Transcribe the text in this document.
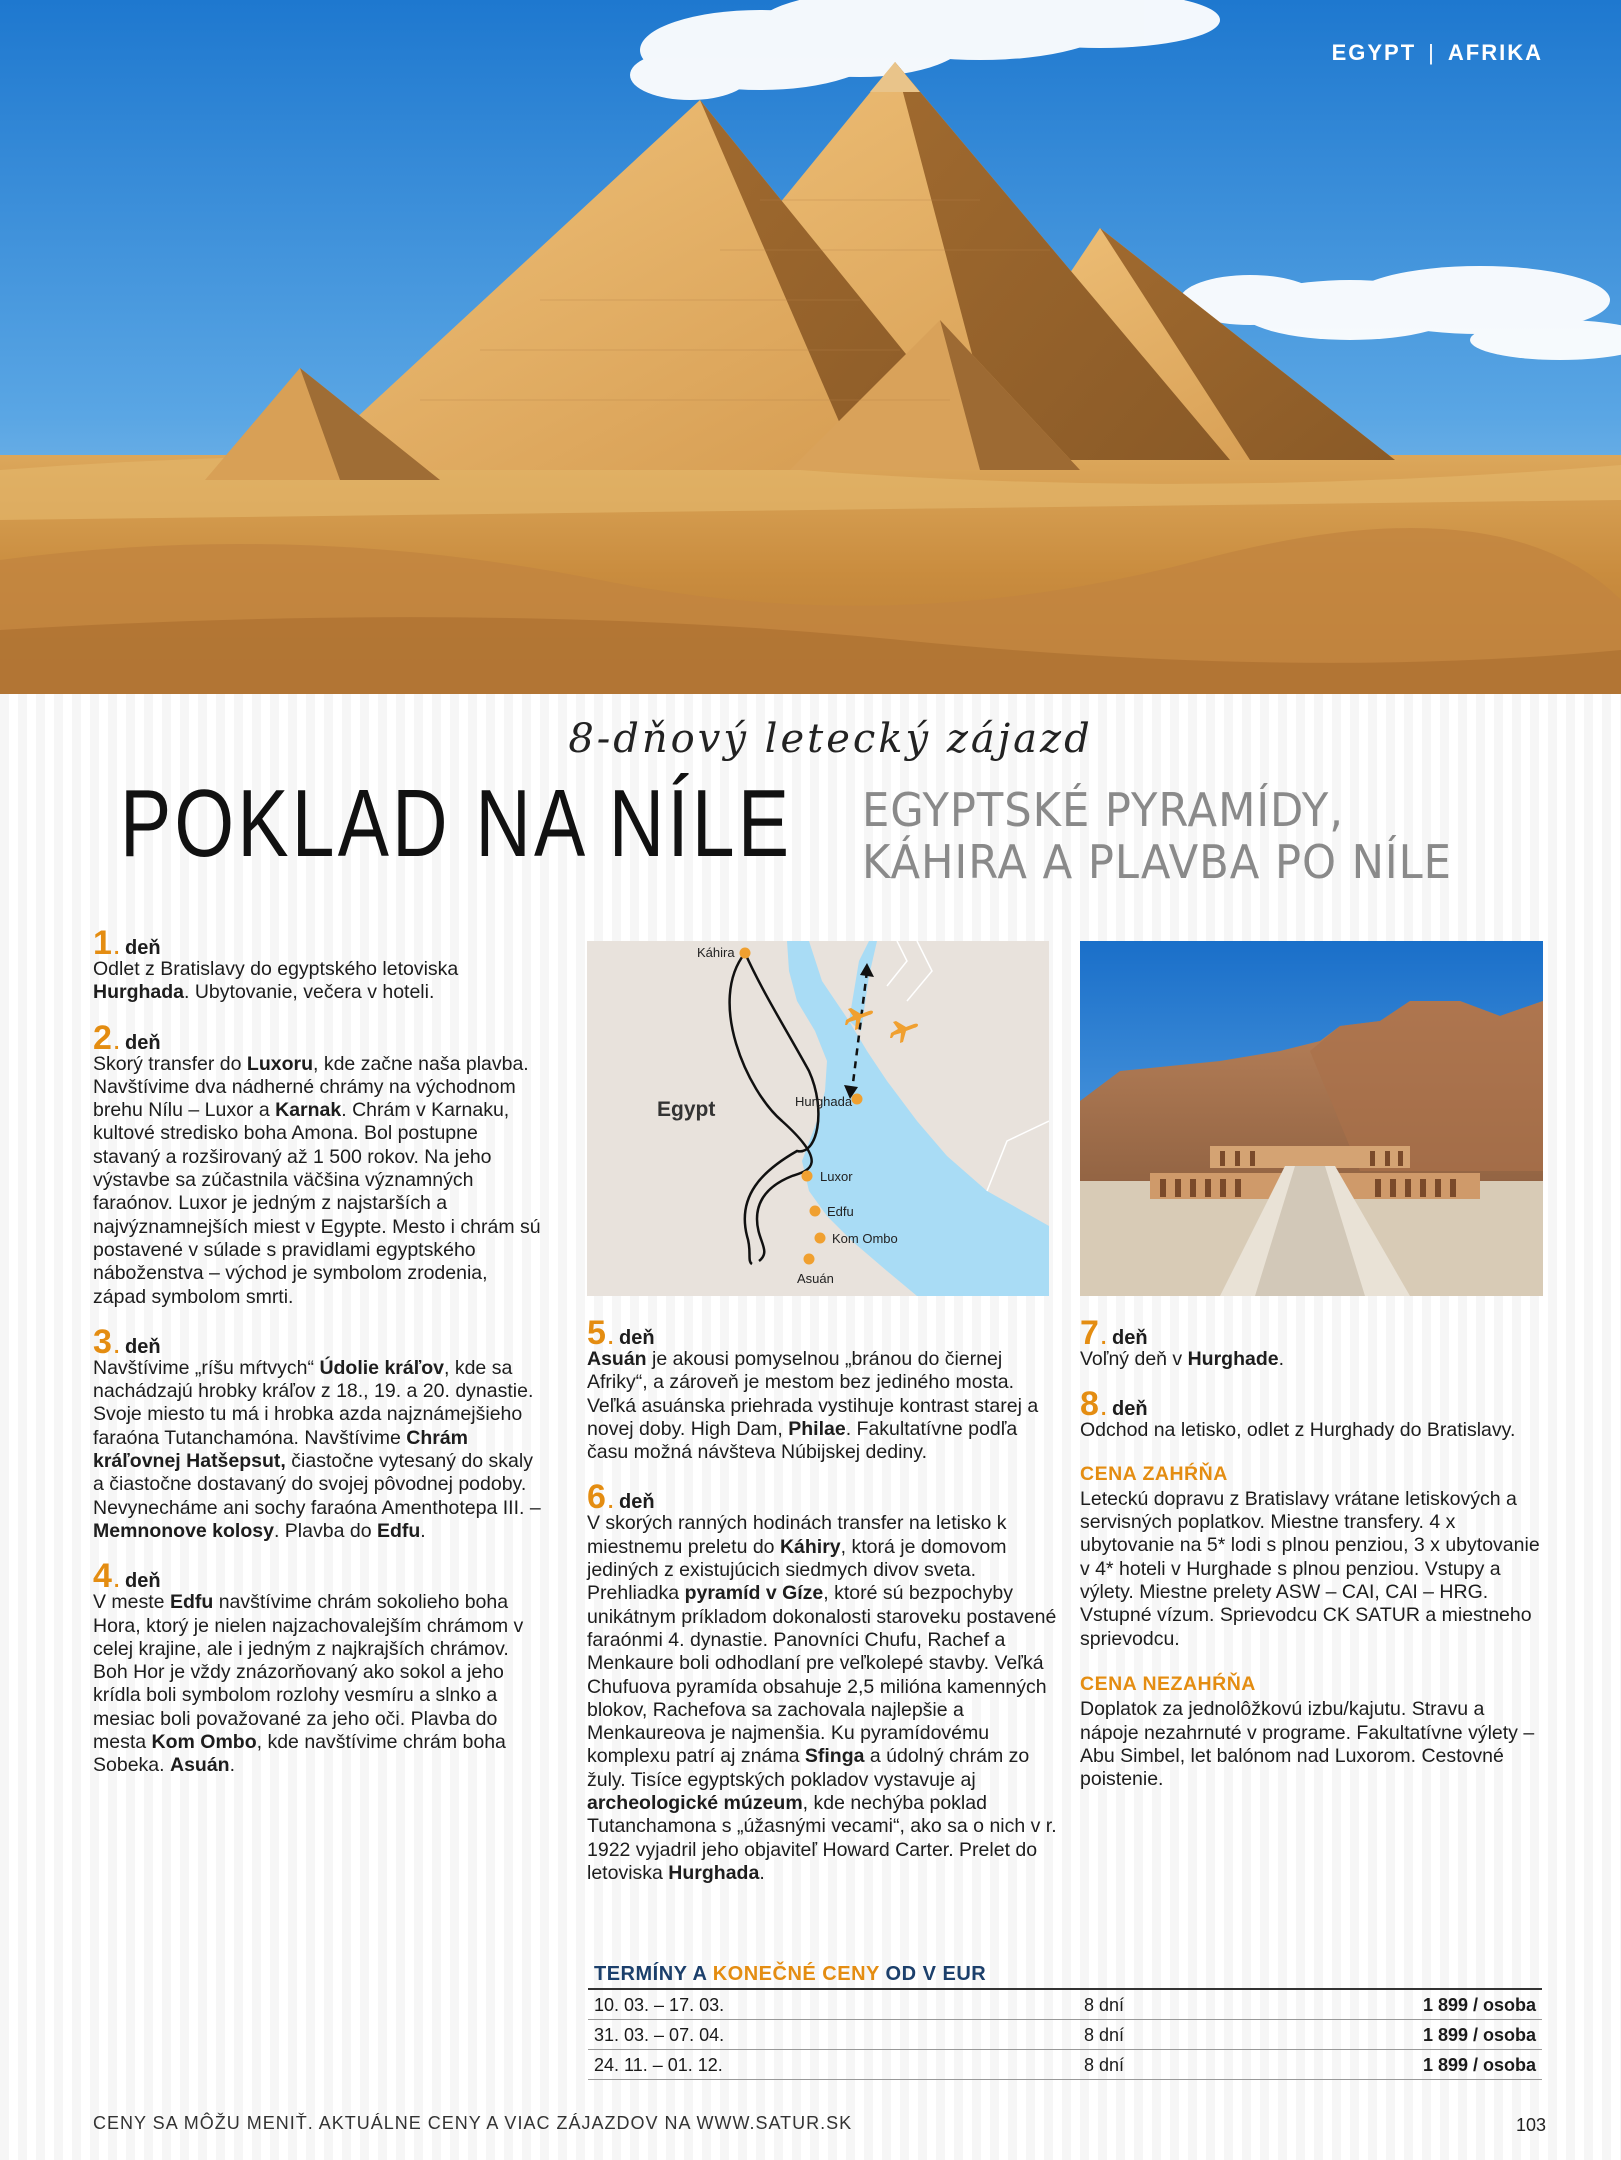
EGYPT | AFRIKA
8-dňový letecký zájazd
POKLAD NA NÍLE EGYPTSKÉ PYRAMÍDY,
KÁHIRA A PLAVBA PO NÍLE
1 . deň
Odlet z Bratislavy do egyptského letoviska Hurghada. Ubytovanie, večera v hoteli.
2 . deň
Skorý transfer do Luxoru, kde začne naša plavba. Navštívime dva nádherné chrámy na východnom brehu Nílu – Luxor a Karnak. Chrám v Karnaku, kultové stredisko boha Amona. Bol postupne stavaný a rozširovaný až 1 500 rokov. Na jeho výstavbe sa zúčastnila väčšina významných faraónov. Luxor je jedným z najstarších a najvýznamnejších miest v Egypte. Mesto i chrám sú postavené v súlade s pravidlami egyptského náboženstva – východ je symbolom zrodenia, západ symbolom smrti.
3 . deň
Navštívime „ríšu mŕtvych“ Údolie kráľov, kde sa nachádzajú hrobky kráľov z 18., 19. a 20. dynastie. Svoje miesto tu má i hrobka azda najznámejšieho faraóna Tutanchamóna. Navštívime Chrám kráľovnej Hatšepsut, čiastočne vytesaný do skaly a čiastočne dostavaný do svojej pôvodnej podoby. Nevynecháme ani sochy faraóna Amenthotepa III. – Memnonove kolosy. Plavba do Edfu.
4 . deň
V meste Edfu navštívime chrám sokolieho boha Hora, ktorý je nielen najzachovalejším chrámom v celej krajine, ale i jedným z najkrajších chrámov. Boh Hor je vždy znázorňovaný ako sokol a jeho krídla boli symbolom rozlohy vesmíru a slnko a mesiac boli považované za jeho oči. Plavba do mesta Kom Ombo, kde navštívime chrám boha Sobeka. Asuán.
Káhira
Hurghada
Luxor
Edfu
Kom Ombo
Asuán
Egypt
5 . deň
Asuán je akousi pomyselnou „bránou do čiernej Afriky“, a zároveň je mestom bez jediného mosta. Veľká asuánska priehrada vystihuje kontrast starej a novej doby. High Dam, Philae. Fakultatívne podľa času možná návšteva Núbijskej dediny.
6 . deň
V skorých ranných hodinách transfer na letisko k miestnemu preletu do Káhiry, ktorá je domovom jediných z existujúcich siedmych divov sveta. Prehliadka pyramíd v Gíze, ktoré sú bezpochyby unikátnym príkladom dokonalosti staroveku postavené faraónmi 4. dynastie. Panovníci Chufu, Rachef a Menkaure boli odhodlaní pre veľkolepé stavby. Veľká Chufuova pyramída obsahuje 2,5 milióna kamenných blokov, Rachefova sa zachovala najlepšie a Menkaureova je najmenšia. Ku pyramídovému komplexu patrí aj známa Sfinga a údolný chrám zo žuly. Tisíce egyptských pokladov vystavuje aj archeologické múzeum, kde nechýba poklad Tutanchamona s „úžasnými vecami“, ako sa o nich v r. 1922 vyjadril jeho objaviteľ Howard Carter. Prelet do letoviska Hurghada.
7 . deň
Voľný deň v Hurghade.
8 . deň
Odchod na letisko, odlet z Hurghady do Bratislavy.
CENA ZAHŔŇA
Leteckú dopravu z Bratislavy vrátane letiskových a servisných poplatkov. Miestne transfery. 4 x ubytovanie na 5* lodi s plnou penziou, 3 x ubytovanie v 4* hoteli v Hurghade s plnou penziou. Vstupy a výlety. Miestne prelety ASW – CAI, CAI – HRG. Vstupné vízum. Sprievodcu CK SATUR a miestneho sprievodcu.
CENA NEZAHŔŇA
Doplatok za jednolôžkovú izbu/kajutu. Stravu a nápoje nezahrnuté v programe. Fakultatívne výlety – Abu Simbel, let balónom nad Luxorom. Cestovné poistenie.
TERMÍNY A KONEČNÉ CENY OD V EUR
10. 03. – 17. 03.	8 dní	1 899 / osoba
31. 03. – 07. 04.	8 dní	1 899 / osoba
24. 11. – 01. 12.	8 dní	1 899 / osoba
CENY SA MÔŽU MENIŤ. AKTUÁLNE CENY A VIAC ZÁJAZDOV NA WWW.SATUR.SK	103
